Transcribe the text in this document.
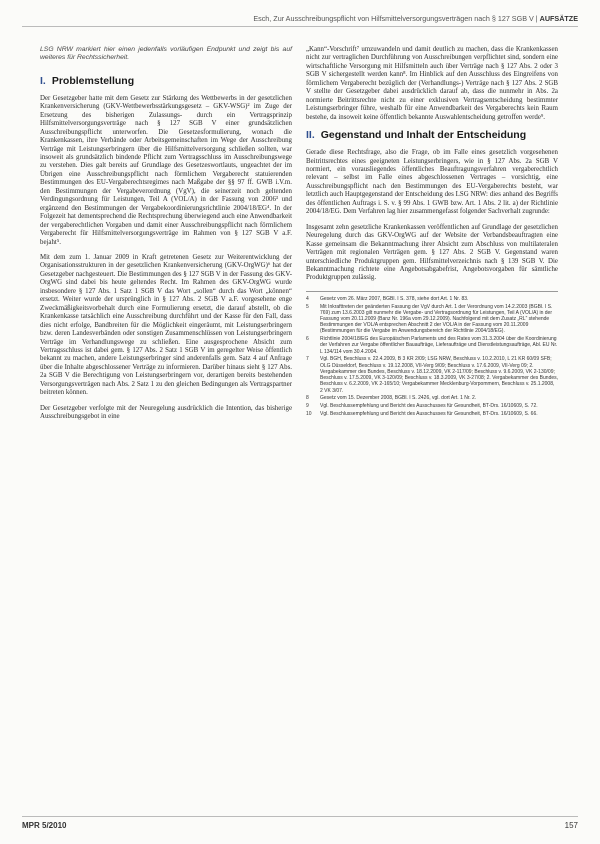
Esch, Zur Ausschreibungspflicht von Hilfsmittelversorgungsverträgen nach § 127 SGB V | AUFSÄTZE

LSG NRW markiert hier einen jedenfalls vorläufigen Endpunkt und zeigt bis auf weiteres für Rechtssicherheit.

I. Problemstellung

Der Gesetzgeber hatte mit dem Gesetz zur Stärkung des Wettbewerbs in der gesetzlichen Krankenversicherung (GKV-Wettbewerbsstärkungsgesetz – GKV-WSG)² im Zuge der Ersetzung des bisherigen Zulassungs- durch ein Vertragsprinzip Hilfsmittelversorgungsverträge nach § 127 SGB V einer grundsätzlichen Ausschreibungspflicht unterworfen. Die Gesetzesformulierung, wonach die Krankenkassen, ihre Verbände oder Arbeitsgemeinschaften im Wege der Ausschreibung Verträge mit Leistungserbringern über die Hilfsmittelversorgung schließen sollten, war insoweit als grundsätzlich bindende Pflicht zum Vertragsschluss im Ausschreibungswege zu verstehen. Dies galt bereits auf Grundlage des Gesetzeswortlauts, ungeachtet der im Übrigen eine Ausschreibungspflicht nach förmlichem Vergaberecht statuierenden Bestimmungen des EU-Vergaberechtsregimes nach Maßgabe der §§ 97 ff. GWB i.V.m. den Bestimmungen der Vergabeverordnung (VgV), die seinerzeit noch geltenden Verdingungsordnung für Leistungen, Teil A (VOL/A) in der Fassung von 2006³ und ergänzend den Bestimmungen der Vergabekoordinierungsrichtlinie 2004/18/EG⁴. In der Folgezeit hat dementsprechend die Rechtsprechung überwiegend auch eine Anwendbarkeit der vergaberechtlichen Vorgaben und damit einer Ausschreibungspflicht nach förmlichem Vergaberecht für Hilfsmittelversorgungsverträge im Rahmen von § 127 SGB V a.F. bejaht⁵.

Mit dem zum 1. Januar 2009 in Kraft getretenen Gesetz zur Weiterentwicklung der Organisationsstrukturen in der gesetzlichen Krankenversicherung (GKV-OrgWG)⁶ hat der Gesetzgeber nachgesteuert. Die Bestimmungen des § 127 SGB V in der Fassung des GKV-OrgWG sind dabei bis heute geltendes Recht. Im Rahmen des GKV-OrgWG wurde insbesondere § 127 Abs. 1 Satz 1 SGB V das Wort „sollen“ durch das Wort „können“ ersetzt. Weiter wurde der ursprünglich in § 127 Abs. 2 SGB V a.F. vorgesehene enge Zweckmäßigkeitsvorbehalt durch eine Formulierung ersetzt, die darauf abstellt, ob die Krankenkasse tatsächlich eine Ausschreibung durchführt und der Kasse für den Fall, dass dies nicht erfolge, Bandbreiten für die Möglichkeit eingeräumt, mit Leistungserbringern bzw. deren Landesverbänden oder sonstigen Zusammenschlüssen von Leistungserbringern Verträge im Verhandlungswege zu schließen. Eine ausgesprochene Absicht zum Vertragsschluss ist dabei gem. § 127 Abs. 2 Satz 1 SGB V im geregelter Weise öffentlich bekannt zu machen, andere Leistungserbringer sind anderenfalls gem. Satz 4 auf Anfrage über die Inhalte abgeschlossener Verträge zu informieren. Darüber hinaus sieht § 127 Abs. 2a SGB V die Berechtigung von Leistungserbringern vor, derartigen bereits bestehenden Versorgungsverträgen nach Abs. 2 Satz 1 zu den gleichen Bedingungen als Vertragspartner beitreten können.

Der Gesetzgeber verfolgte mit der Neuregelung ausdrücklich die Intention, das bisherige Ausschreibungsgebot in eine

„Kann“-Vorschrift⁷ umzuwandeln und damit deutlich zu machen, dass die Krankenkassen nicht zur vertraglichen Durchführung von Ausschreibungen verpflichtet sind, sondern eine wirtschaftliche Versorgung mit Hilfsmitteln auch über Verträge nach § 127 Abs. 2 oder 3 SGB V sichergestellt werden kann⁸. Im Hinblick auf den Ausschluss des Eingreifens von förmlichem Vergaberecht bezüglich der (Verhandlungs-) Verträge nach § 127 Abs. 2 SGB V stellte der Gesetzgeber dabei ausdrücklich darauf ab, dass die nunmehr in Abs. 2a normierte Beitrittsrechte nicht zu einer exklusiven Vertragsentscheidung bestimmter Leistungserbringer führe, weshalb für eine Anwendbarkeit des Vergaberechts kein Raum bestehe, da insoweit keine öffentlich bekannte Auswahlentscheidung getroffen werde⁹.

II. Gegenstand und Inhalt der Entscheidung

Gerade diese Rechtsfrage, also die Frage, ob im Falle eines gesetzlich vorgesehenen Beitrittsrechtes eines geeigneten Leistungserbringers, wie in § 127 Abs. 2a SGB V normiert, ein vorausliegendes öffentliches Beauftragungsverfahren vergaberechtlich relevant – selbst im Falle eines abgeschlossenen Vertrages – vorsichtig, eine Ausschreibungspflicht nach den Bestimmungen des EU-Vergaberechts besteht, war letztlich auch Hauptgegenstand der Entscheidung des LSG NRW: dies anhand des Begriffs des öffentlichen Auftrags i. S. v. § 99 Abs. 1 GWB bzw. Art. 1 Abs. 2 lit. a) der Richtlinie 2004/18/EG. Dem Verfahren lag hier zusammengefasst folgender Sachverhalt zugrunde:

Insgesamt zehn gesetzliche Krankenkassen veröffentlichen auf Grundlage der gesetzlichen Neuregelung durch das GKV-OrgWG auf der Website der Verbandsbeauftragten eine Kasse gemeinsam die Bekanntmachung ihrer Absicht zum Abschluss von multilateralen Verträgen mit regionalen Verträgen gem. § 127 Abs. 2 SGB V. Gegenstand waren unterschiedliche Produktgruppen gem. Hilfsmittelverzeichnis nach § 139 SGB V. Die Bekanntmachung richtete eine Angebotsabgabefrist, Angebotsvorgaben für sämtliche Produktgruppen zulässig.

4	Gesetz vom 26. März 2007, BGBl. I S. 378, siehe dort Art. 1 Nr. 83.
5	Mit Inkrafttreten der geänderten Fassung der VgV durch Art. 1 der Verordnung vom 14.2.2003 (BGBl. I S. 769) zum 13.6.2003 gilt nunmehr die Vergabe- und Vertragsordnung für Leistungen, Teil A (VOL/A) in der Fassung vom 20.11.2009 (Banz Nr. 196a vom 29.12.2009). Nachfolgend mit dem Zusatz „RL“ stehende Bestimmungen der VOL/A entsprechen Abschnitt 2 der VOL/A in der Fassung vom 20.11.2009 (Bestimmungen für die Vergabe im Anwendungsbereich der Richtlinie 2004/18/EG).
6	Richtlinie 2004/18/EG des Europäischen Parlaments und des Rates vom 31.3.2004 über die Koordinierung der Verfahren zur Vergabe öffentlicher Bauaufträge, Lieferaufträge und Dienstleistungsaufträge, Abl. EU Nr. L 134/114 vom 30.4.2004.
7	Vgl. BGH, Beschluss v. 22.4.2009, B 3 KR 2/09; LSG NRW, Beschluss v. 10.2.2010, L 21 KR 60/09 SFB; OLG Düsseldorf, Beschluss v. 19.12.2008, VII-Verg 9/09; Beschluss v. 17.6.2009, VII-Verg 09; 2. Vergabekammer des Bundes, Beschluss v. 18.12.2009, VK 2-117/09; Beschluss v. 9.6.2009, VK 2-130/09; Beschluss v. 17.5.2009, VK 3-120/09; Beschluss v. 18.3.2009, VK 3-27/08; 2. Vergabekammer des Bundes, Beschluss v. 6.2.2009, VK 2-165/10; Vergabekammer Mecklenburg-Vorpommern, Beschluss v. 25.1.2008, 2 VK 3/07.
8	Gesetz vom 15. Dezember 2008, BGBl. I S. 2426, vgl. dort Art. 1 Nr. 2.
9	Vgl. Beschlussempfehlung und Bericht des Ausschusses für Gesundheit, BT-Drs. 16/10609, S. 72.
10	Vgl. Beschlussempfehlung und Bericht des Ausschusses für Gesundheit, BT-Drs. 16/10609, S. 66.
MPR 5/2010	157
